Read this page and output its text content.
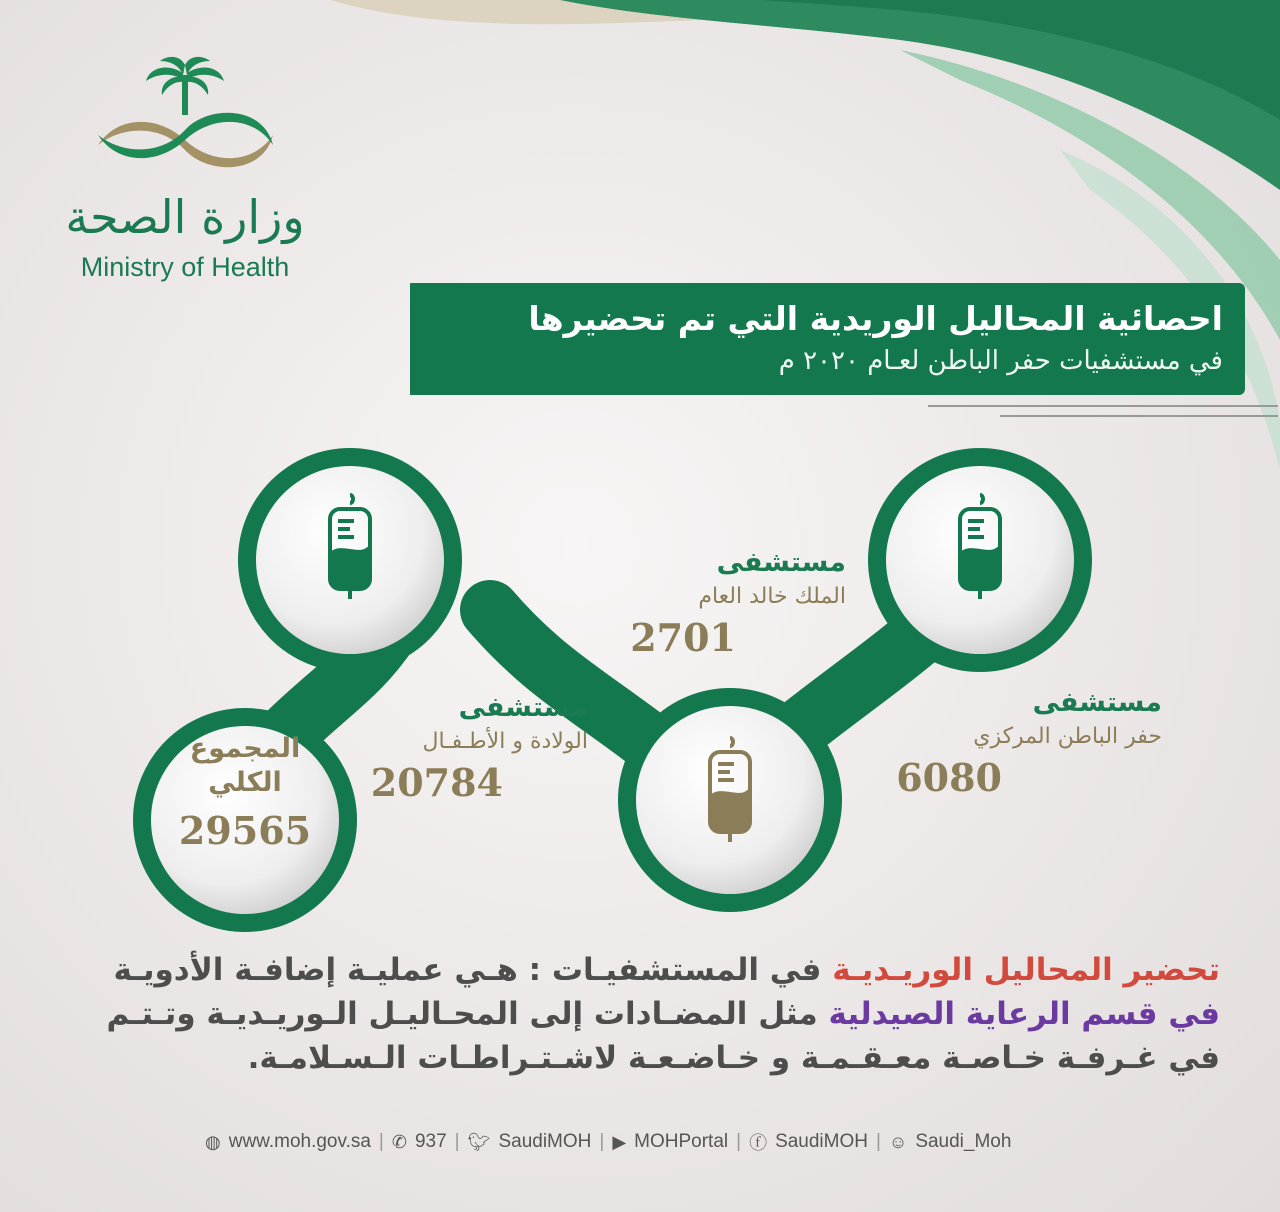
وزارة الصحة
Ministry of Health
احصائية المحاليل الوريدية التي تم تحضيرها
في مستشفيات حفر الباطن لعـام ٢٠٢٠ م
المجموع
الكلي
29565
مستشفى
الملك خالد العام
2701
مستشفى
حفر الباطن المركزي
6080
مستشفى
الولادة و الأطـفـال
20784
تحضير المحاليل الوريـديـة في المستشفيـات : هـي عمليـة إضافـة الأدويـة
في قسم الرعاية الصيدلية مثل المضـادات إلى المحـاليـل الـوريـديـة وتـتـم
في غـرفـة خـاصـة معـقـمـة و خـاضـعـة لاشـتـراطـات الـسـلامـة.
◍ www.moh.gov.sa | ✆ 937 | 🐦︎ SaudiMOH | ▶ MOHPortal | ⓕ SaudiMOH | ☺ Saudi_Moh
